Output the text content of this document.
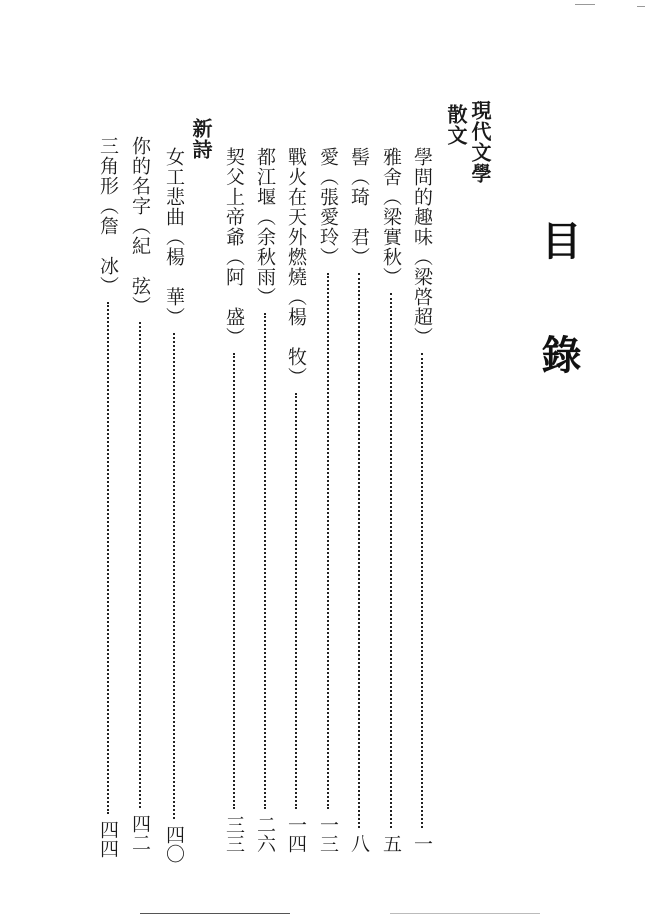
目 錄
現代文學
散文
學問的趣味（梁啓超）
一
雅舍（梁實秋）
五
髻（琦　君）
八
愛（張愛玲）
一三
戰火在天外燃燒（楊　牧）
一四
都江堰（余秋雨）
二六
契父上帝爺（阿　盛）
三三
新詩
女工悲曲（楊　華）
四〇
你的名字（紀　弦）
四二
三角形（詹　冰）
四四
